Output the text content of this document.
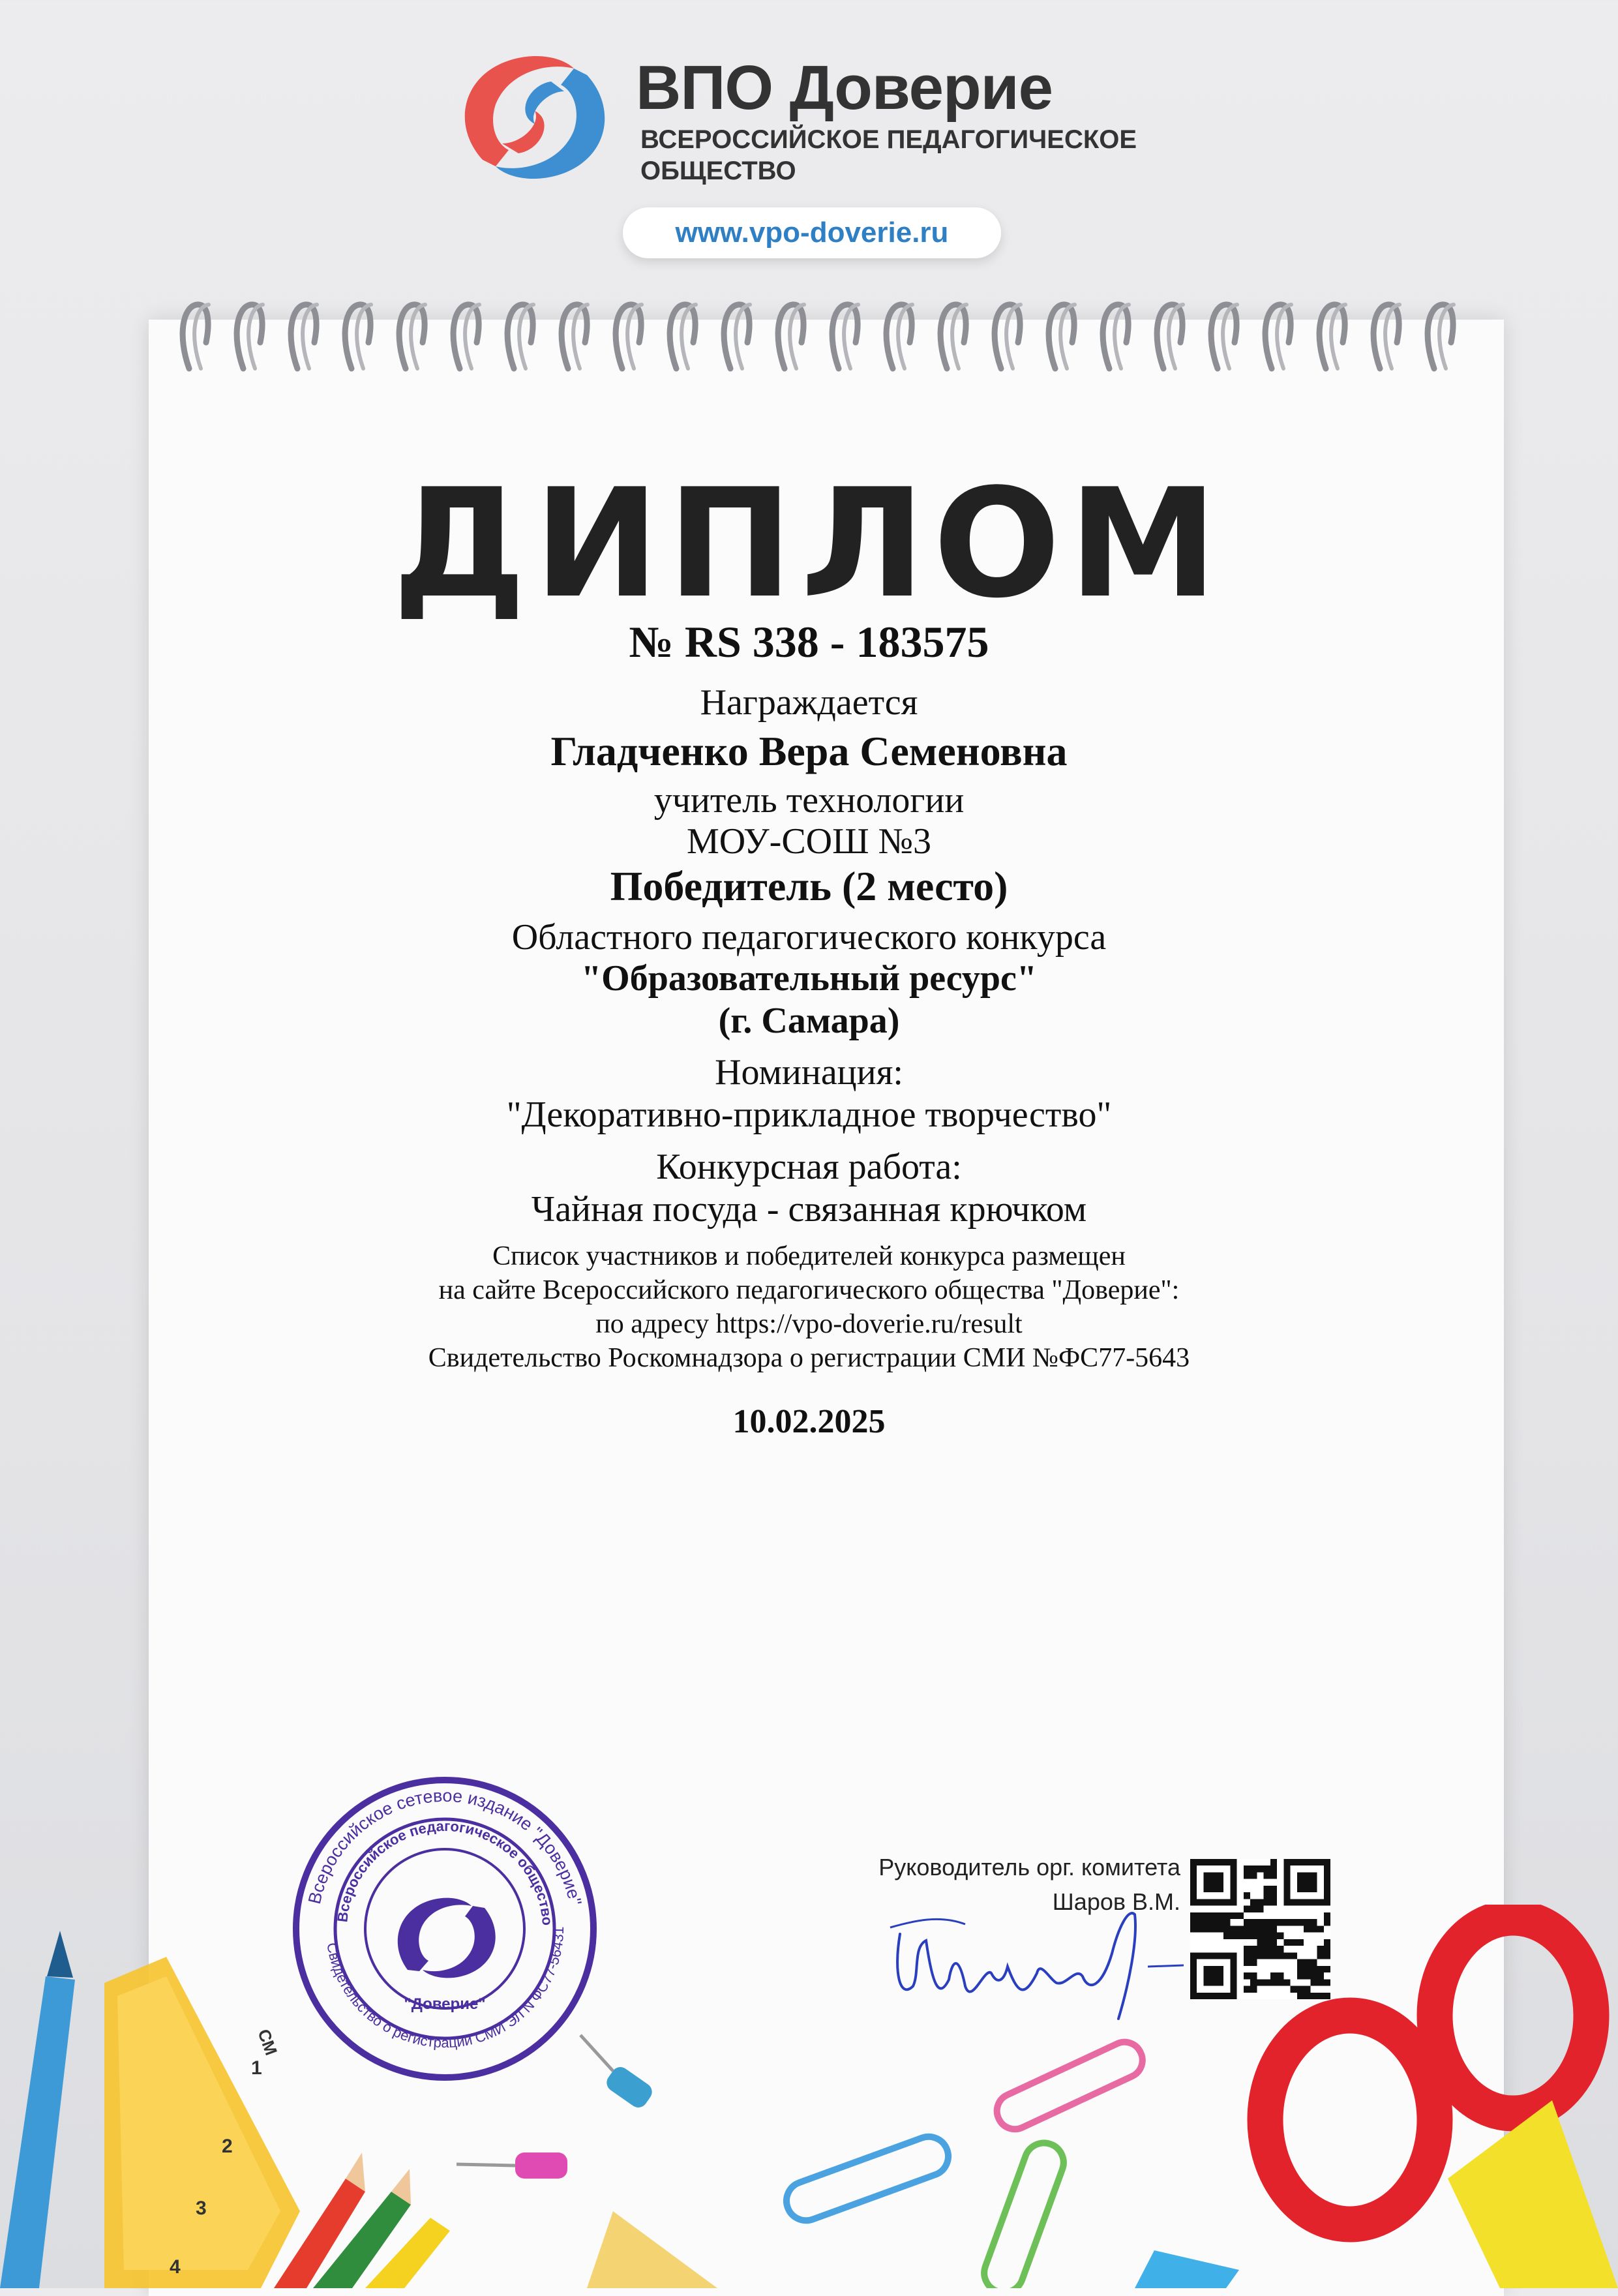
ВПО Доверие
ВСЕРОССИЙСКОЕ ПЕДАГОГИЧЕСКОЕ ОБЩЕСТВО
www.vpo-doverie.ru
ДИПЛОМ
№ RS 338 - 183575
Награждается
Гладченко Вера Семеновна
учитель технологии
МОУ-СОШ №3
Победитель (2 место)
Областного педагогического конкурса
"Образовательный ресурс"
(г. Самара)
Номинация:
"Декоративно-прикладное творчество"
Конкурсная работа:
Чайная посуда - связанная крючком
Список участников и победителей конкурса размещен
на сайте Всероссийского педагогического общества "Доверие":
по адресу https://vpo-doverie.ru/result
Свидетельство Роскомнадзора о регистрации СМИ №ФС77-5643
10.02.2025
СМ
1
2
3
4
Всероссийское сетевое издание "Доверие"
Всероссийское педагогическое общество
Свидетельство о регистрации СМИ ЭЛ N ФС77-56431
"Доверие"
Руководитель орг. комитета
Шаров В.М.
